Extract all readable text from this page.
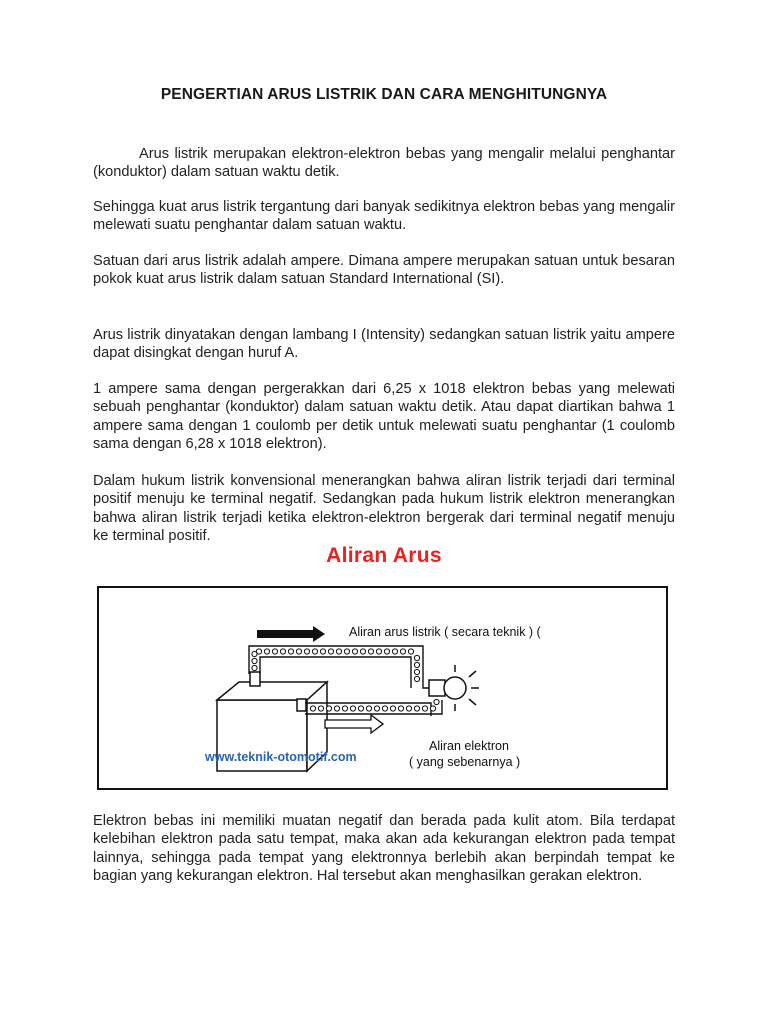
PENGERTIAN ARUS LISTRIK DAN CARA MENGHITUNGNYA
Arus listrik merupakan elektron-elektron bebas yang mengalir melalui penghantar (konduktor) dalam satuan waktu detik.
Sehingga kuat arus listrik tergantung dari banyak sedikitnya elektron bebas yang mengalir melewati suatu penghantar dalam satuan waktu.
Satuan dari arus listrik adalah ampere. Dimana ampere merupakan satuan untuk besaran pokok kuat arus listrik dalam satuan Standard International (SI).
Arus listrik dinyatakan dengan lambang I (Intensity) sedangkan satuan listrik yaitu ampere dapat disingkat dengan huruf A.
1 ampere sama dengan pergerakkan dari 6,25 x 1018 elektron bebas yang melewati sebuah penghantar (konduktor) dalam satuan waktu detik. Atau dapat diartikan bahwa 1 ampere sama dengan 1 coulomb per detik untuk melewati suatu penghantar (1 coulomb sama dengan 6,28 x 1018 elektron).
Dalam hukum listrik konvensional menerangkan bahwa aliran listrik terjadi dari terminal positif menuju ke terminal negatif. Sedangkan pada hukum listrik elektron menerangkan bahwa aliran listrik terjadi ketika elektron-elektron bergerak dari terminal negatif menuju ke terminal positif.
Aliran Arus
Aliran arus listrik ( secara teknik ) (
Aliran elektron
( yang sebenarnya )
www.teknik-otomotif.com
Elektron bebas ini memiliki muatan negatif dan berada pada kulit atom. Bila terdapat kelebihan elektron pada satu tempat, maka akan ada kekurangan elektron pada tempat lainnya, sehingga pada tempat yang elektronnya berlebih akan berpindah tempat ke bagian yang kekurangan elektron. Hal tersebut akan menghasilkan gerakan elektron.
